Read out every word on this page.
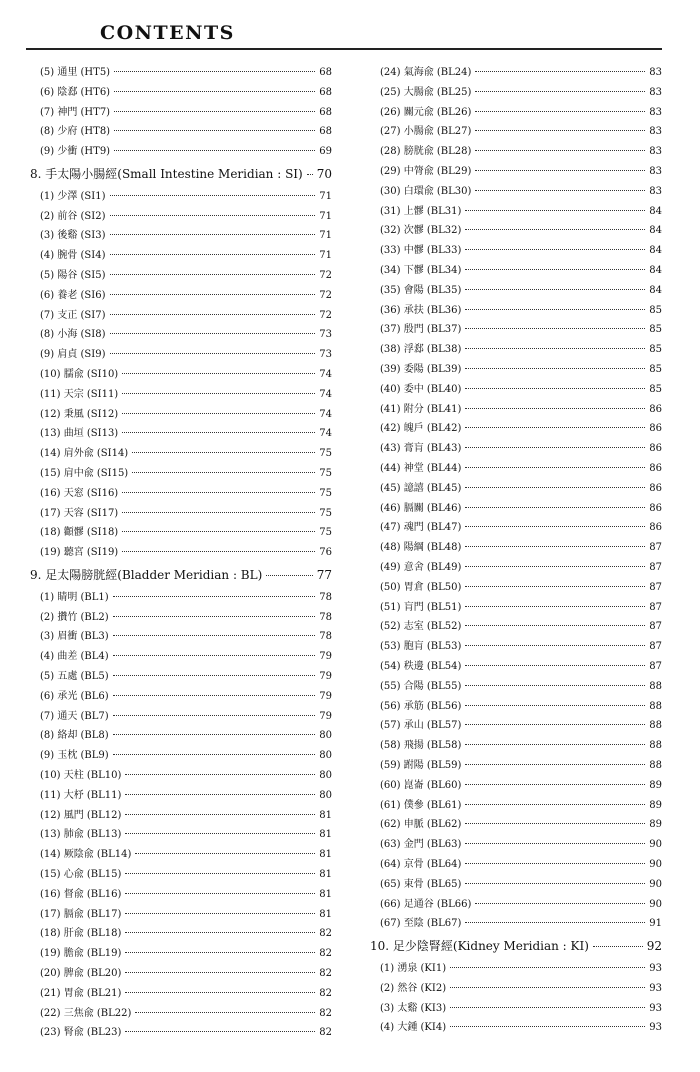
CONTENTS
(5) 通里 (HT5)	68
(6) 陰郄 (HT6)	68
(7) 神門 (HT7)	68
(8) 少府 (HT8)	68
(9) 少衝 (HT9)	69
8. 手太陽小腸經(Small Intestine Meridian : SI) 70
(1) 少澤 (SI1)	71
(2) 前谷 (SI2)	71
(3) 後谿 (SI3)	71
(4) 腕骨 (SI4)	71
(5) 陽谷 (SI5)	72
(6) 養老 (SI6)	72
(7) 支正 (SI7)	72
(8) 小海 (SI8)	73
(9) 肩貞 (SI9)	73
(10) 臑兪 (SI10)	74
(11) 天宗 (SI11)	74
(12) 秉風 (SI12)	74
(13) 曲垣 (SI13)	74
(14) 肩外兪 (SI14)	75
(15) 肩中兪 (SI15)	75
(16) 天窓 (SI16)	75
(17) 天容 (SI17)	75
(18) 顴髎 (SI18)	75
(19) 聽宮 (SI19)	76
9. 足太陽膀胱經(Bladder Meridian : BL)	77
(1) 睛明 (BL1)	78
(2) 攢竹 (BL2)	78
(3) 眉衝 (BL3)	78
(4) 曲差 (BL4)	79
(5) 五處 (BL5)	79
(6) 承光 (BL6)	79
(7) 通天 (BL7)	79
(8) 絡却 (BL8)	80
(9) 玉枕 (BL9)	80
(10) 天柱 (BL10)	80
(11) 大杼 (BL11)	80
(12) 風門 (BL12)	81
(13) 肺兪 (BL13)	81
(14) 厥陰兪 (BL14)	81
(15) 心兪 (BL15)	81
(16) 督兪 (BL16)	81
(17) 膈兪 (BL17)	81
(18) 肝兪 (BL18)	82
(19) 膽兪 (BL19)	82
(20) 脾兪 (BL20)	82
(21) 胃兪 (BL21)	82
(22) 三焦兪 (BL22)	82
(23) 腎兪 (BL23)	82
(24) 氣海兪 (BL24)	83
(25) 大腸兪 (BL25)	83
(26) 關元兪 (BL26)	83
(27) 小腸兪 (BL27)	83
(28) 膀胱兪 (BL28)	83
(29) 中膂兪 (BL29)	83
(30) 白環兪 (BL30)	83
(31) 上髎 (BL31)	84
(32) 次髎 (BL32)	84
(33) 中髎 (BL33)	84
(34) 下髎 (BL34)	84
(35) 會陽 (BL35)	84
(36) 承扶 (BL36)	85
(37) 殷門 (BL37)	85
(38) 浮郄 (BL38)	85
(39) 委陽 (BL39)	85
(40) 委中 (BL40)	85
(41) 附分 (BL41)	86
(42) 魄戶 (BL42)	86
(43) 膏肓 (BL43)	86
(44) 神堂 (BL44)	86
(45) 譩譆 (BL45)	86
(46) 膈關 (BL46)	86
(47) 魂門 (BL47)	86
(48) 陽綱 (BL48)	87
(49) 意舍 (BL49)	87
(50) 胃倉 (BL50)	87
(51) 肓門 (BL51)	87
(52) 志室 (BL52)	87
(53) 胞肓 (BL53)	87
(54) 秩邊 (BL54)	87
(55) 合陽 (BL55)	88
(56) 承筋 (BL56)	88
(57) 承山 (BL57)	88
(58) 飛揚 (BL58)	88
(59) 跗陽 (BL59)	88
(60) 崑崙 (BL60)	89
(61) 僕參 (BL61)	89
(62) 申脈 (BL62)	89
(63) 金門 (BL63)	90
(64) 京骨 (BL64)	90
(65) 束骨 (BL65)	90
(66) 足通谷 (BL66)	90
(67) 至陰 (BL67)	91
10. 足少陰腎經(Kidney Meridian : KI)	92
(1) 湧泉 (KI1)	93
(2) 然谷 (KI2)	93
(3) 太谿 (KI3)	93
(4) 大鍾 (KI4)	93
